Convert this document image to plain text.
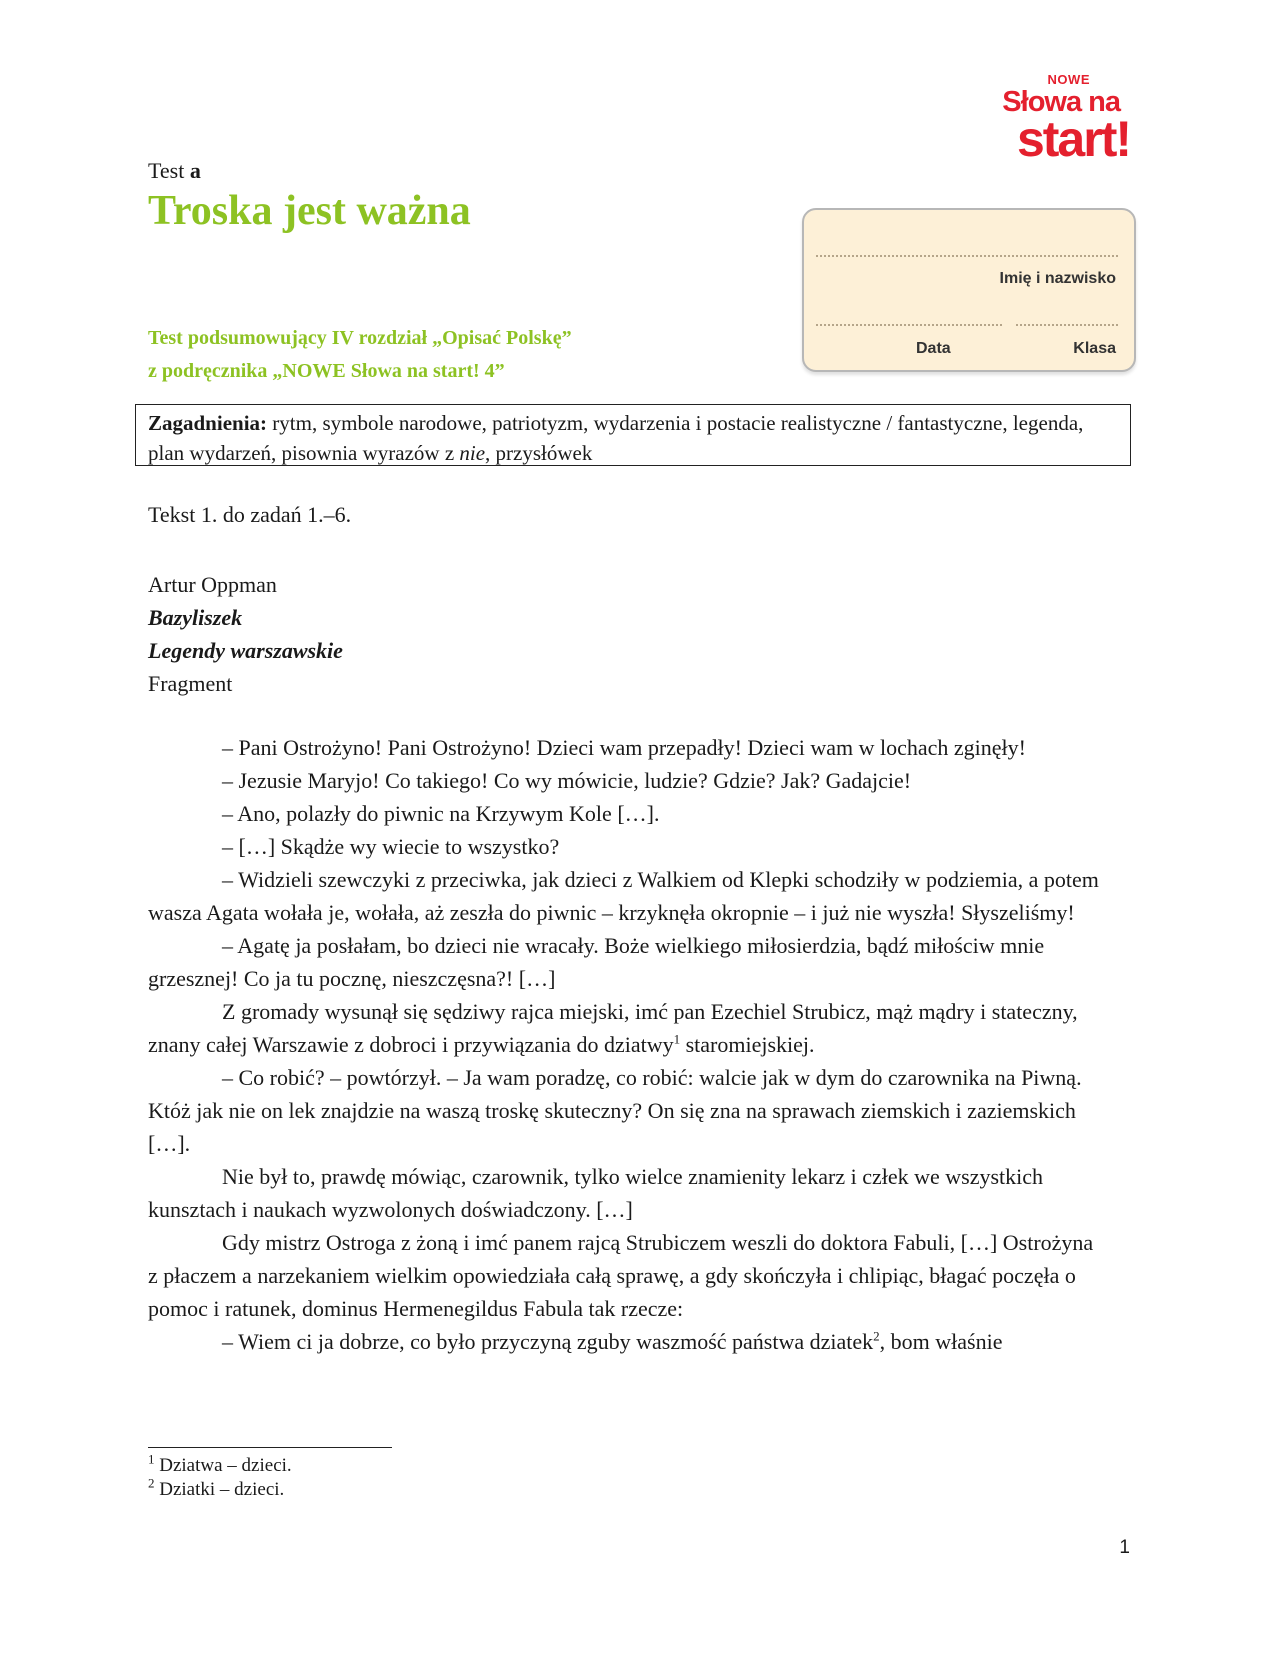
NOWE
Słowa na
start!
Test a
Troska jest ważna
Test podsumowujący IV rozdział „Opisać Polskę”
z podręcznika „NOWE Słowa na start! 4”
Imię i nazwisko
Data	Klasa
Zagadnienia: rytm, symbole narodowe, patriotyzm, wydarzenia i postacie realistyczne / fantastyczne, legenda, plan wydarzeń, pisownia wyrazów z nie, przysłówek
Tekst 1. do zadań 1.–6.
Artur Oppman
Bazyliszek
Legendy warszawskie
Fragment

– Pani Ostrożyno! Pani Ostrożyno! Dzieci wam przepadły! Dzieci wam w lochach zginęły!

– Jezusie Maryjo! Co takiego! Co wy mówicie, ludzie? Gdzie? Jak? Gadajcie!

– Ano, polazły do piwnic na Krzywym Kole […].

– […] Skądże wy wiecie to wszystko?

– Widzieli szewczyki z przeciwka, jak dzieci z Walkiem od Klepki schodziły w podziemia, a potem wasza Agata wołała je, wołała, aż zeszła do piwnic – krzyknęła okropnie – i już nie wyszła! Słyszeliśmy!

– Agatę ja posłałam, bo dzieci nie wracały. Boże wielkiego miłosierdzia, bądź miłościw mnie grzesznej! Co ja tu pocznę, nieszczęsna?! […]

Z gromady wysunął się sędziwy rajca miejski, imć pan Ezechiel Strubicz, mąż mądry i stateczny, znany całej Warszawie z dobroci i przywiązania do dziatwy$^1$ staromiejskiej.

– Co robić? – powtórzył. – Ja wam poradzę, co robić: walcie jak w dym do czarownika na Piwną. Któż jak nie on lek znajdzie na waszą troskę skuteczny? On się zna na sprawach ziemskich i zaziemskich […].

Nie był to, prawdę mówiąc, czarownik, tylko wielce znamienity lekarz i człek we wszystkich kunsztach i naukach wyzwolonych doświadczony. […]

Gdy mistrz Ostroga z żoną i imć panem rajcą Strubiczem weszli do doktora Fabuli, […] Ostrożyna z płaczem a narzekaniem wielkim opowiedziała całą sprawę, a gdy skończyła i chlipiąc, błagać poczęła o pomoc i ratunek, dominus Hermenegildus Fabula tak rzecze:

– Wiem ci ja dobrze, co było przyczyną zguby waszmość państwa dziatek$^2$, bom właśnie

$^1$ Dziatwa – dzieci.
$^2$ Dziatki – dzieci.
1
